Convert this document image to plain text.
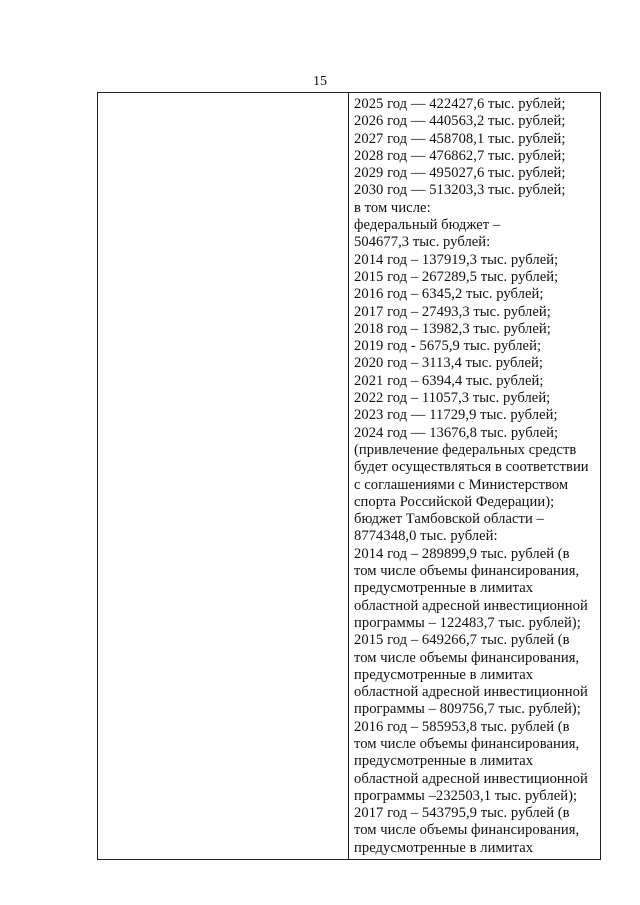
15
2025 год — 422427,6 тыс. рублей;
2026 год — 440563,2 тыс. рублей;
2027 год — 458708,1 тыс. рублей;
2028 год — 476862,7 тыс. рублей;
2029 год — 495027,6 тыс. рублей;
2030 год — 513203,3 тыс. рублей;
в том числе:
федеральный бюджет –
504677,3 тыс. рублей:
2014 год – 137919,3 тыс. рублей;
2015 год – 267289,5 тыс. рублей;
2016 год – 6345,2 тыс. рублей;
2017 год – 27493,3 тыс. рублей;
2018 год – 13982,3 тыс. рублей;
2019 год - 5675,9 тыс. рублей;
2020 год – 3113,4 тыс. рублей;
2021 год – 6394,4 тыс. рублей;
2022 год – 11057,3 тыс. рублей;
2023 год — 11729,9 тыс. рублей;
2024 год — 13676,8 тыс. рублей;
(привлечение федеральных средств
будет осуществляться в соответствии
с соглашениями с Министерством
спорта Российской Федерации);
бюджет Тамбовской области –
8774348,0 тыс. рублей:
2014 год – 289899,9 тыс. рублей (в
том числе объемы финансирования,
предусмотренные в лимитах
областной адресной инвестиционной
программы – 122483,7 тыс. рублей);
2015 год – 649266,7 тыс. рублей (в
том числе объемы финансирования,
предусмотренные в лимитах
областной адресной инвестиционной
программы – 809756,7 тыс. рублей);
2016 год – 585953,8 тыс. рублей (в
том числе объемы финансирования,
предусмотренные в лимитах
областной адресной инвестиционной
программы –232503,1 тыс. рублей);
2017 год – 543795,9 тыс. рублей (в
том числе объемы финансирования,
предусмотренные в лимитах
